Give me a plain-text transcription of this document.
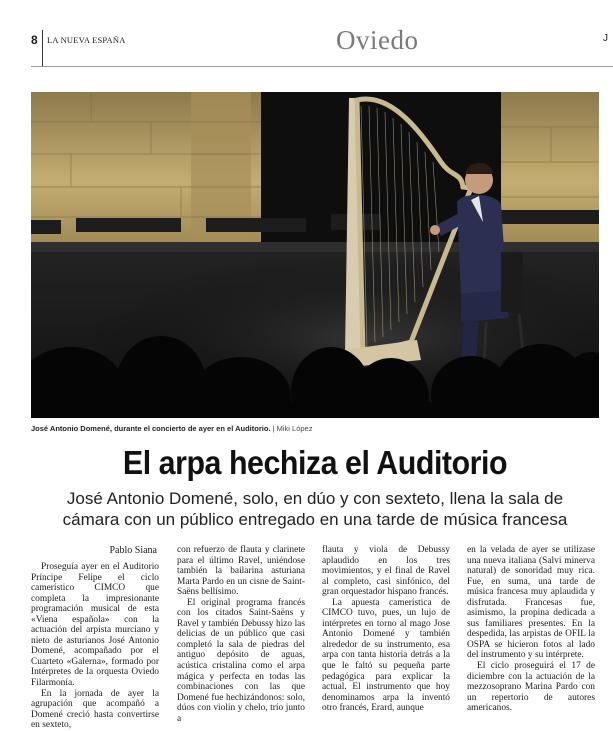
8 LA NUEVA ESPAÑA	Oviedo	J
José Antonio Domené, durante el concierto de ayer en el Auditorio. | Miki López
El arpa hechiza el Auditorio
José Antonio Domené, solo, en dúo y con sexteto, llena la sala de
cámara con un público entregado en una tarde de música francesa
Pablo Siana

Proseguía ayer en el Auditorio Príncipe Felipe el ciclo camerístico CIMCO que completa la impresionante programación musical de esta «Viena española» con la actuación del arpista murciano y nieto de asturianos José Antonio Domené, acompañado por el Cuarteto «Galerna», formado por Intérpretes de la orquesta Oviedo Filarmonía.

En la jornada de ayer la agrupación que acompañó a Domené creció hasta convertirse en sexteto,

con refuerzo de flauta y clarinete para el último Ravel, uniéndose también la bailarina asturiana Marta Pardo en un cisne de Saint-Saëns bellísimo.

El original programa francés con los citados Saint-Saëns y Ravel y también Debussy hizo las delicias de un público que casi completó la sala de piedras del antiguo depósito de aguas, acústica cristalina como el arpa mágica y perfecta en todas las combinaciones con las que Domené fue hechizándonos: solo, dúos con violín y chelo, trío junto a

flauta y viola de Debussy aplaudido en los tres movimientos, y el final de Ravel al completo, casi sinfónico, del gran orquestador hispano francés.

La apuesta camerística de CIMCO tuvo, pues, un lujo de intérpretes en torno al mago Jose Antonio Domené y también alrededor de su instrumento, esa arpa con tanta historia detrás a la que le faltó su pequeña parte pedagógica para explicar la actual. El instrumento que hoy denominamos arpa la inventó otro francés, Erard, aunque

en la velada de ayer se utilizase una nueva italiana (Salvi minerva natural) de sonoridad muy rica. Fue, en suma, una tarde de música francesa muy aplaudida y disfrutada. Francesas fue, asimismo, la propina dedicada a sus familiares presentes. En la despedida, las arpistas de OFIL la OSPA se hicieron fotos al lado del instrumento y su intérprete.

El ciclo proseguirá el 17 de diciembre con la actuación de la mezzosoprano Marina Pardo con un repertorio de autores americanos.
